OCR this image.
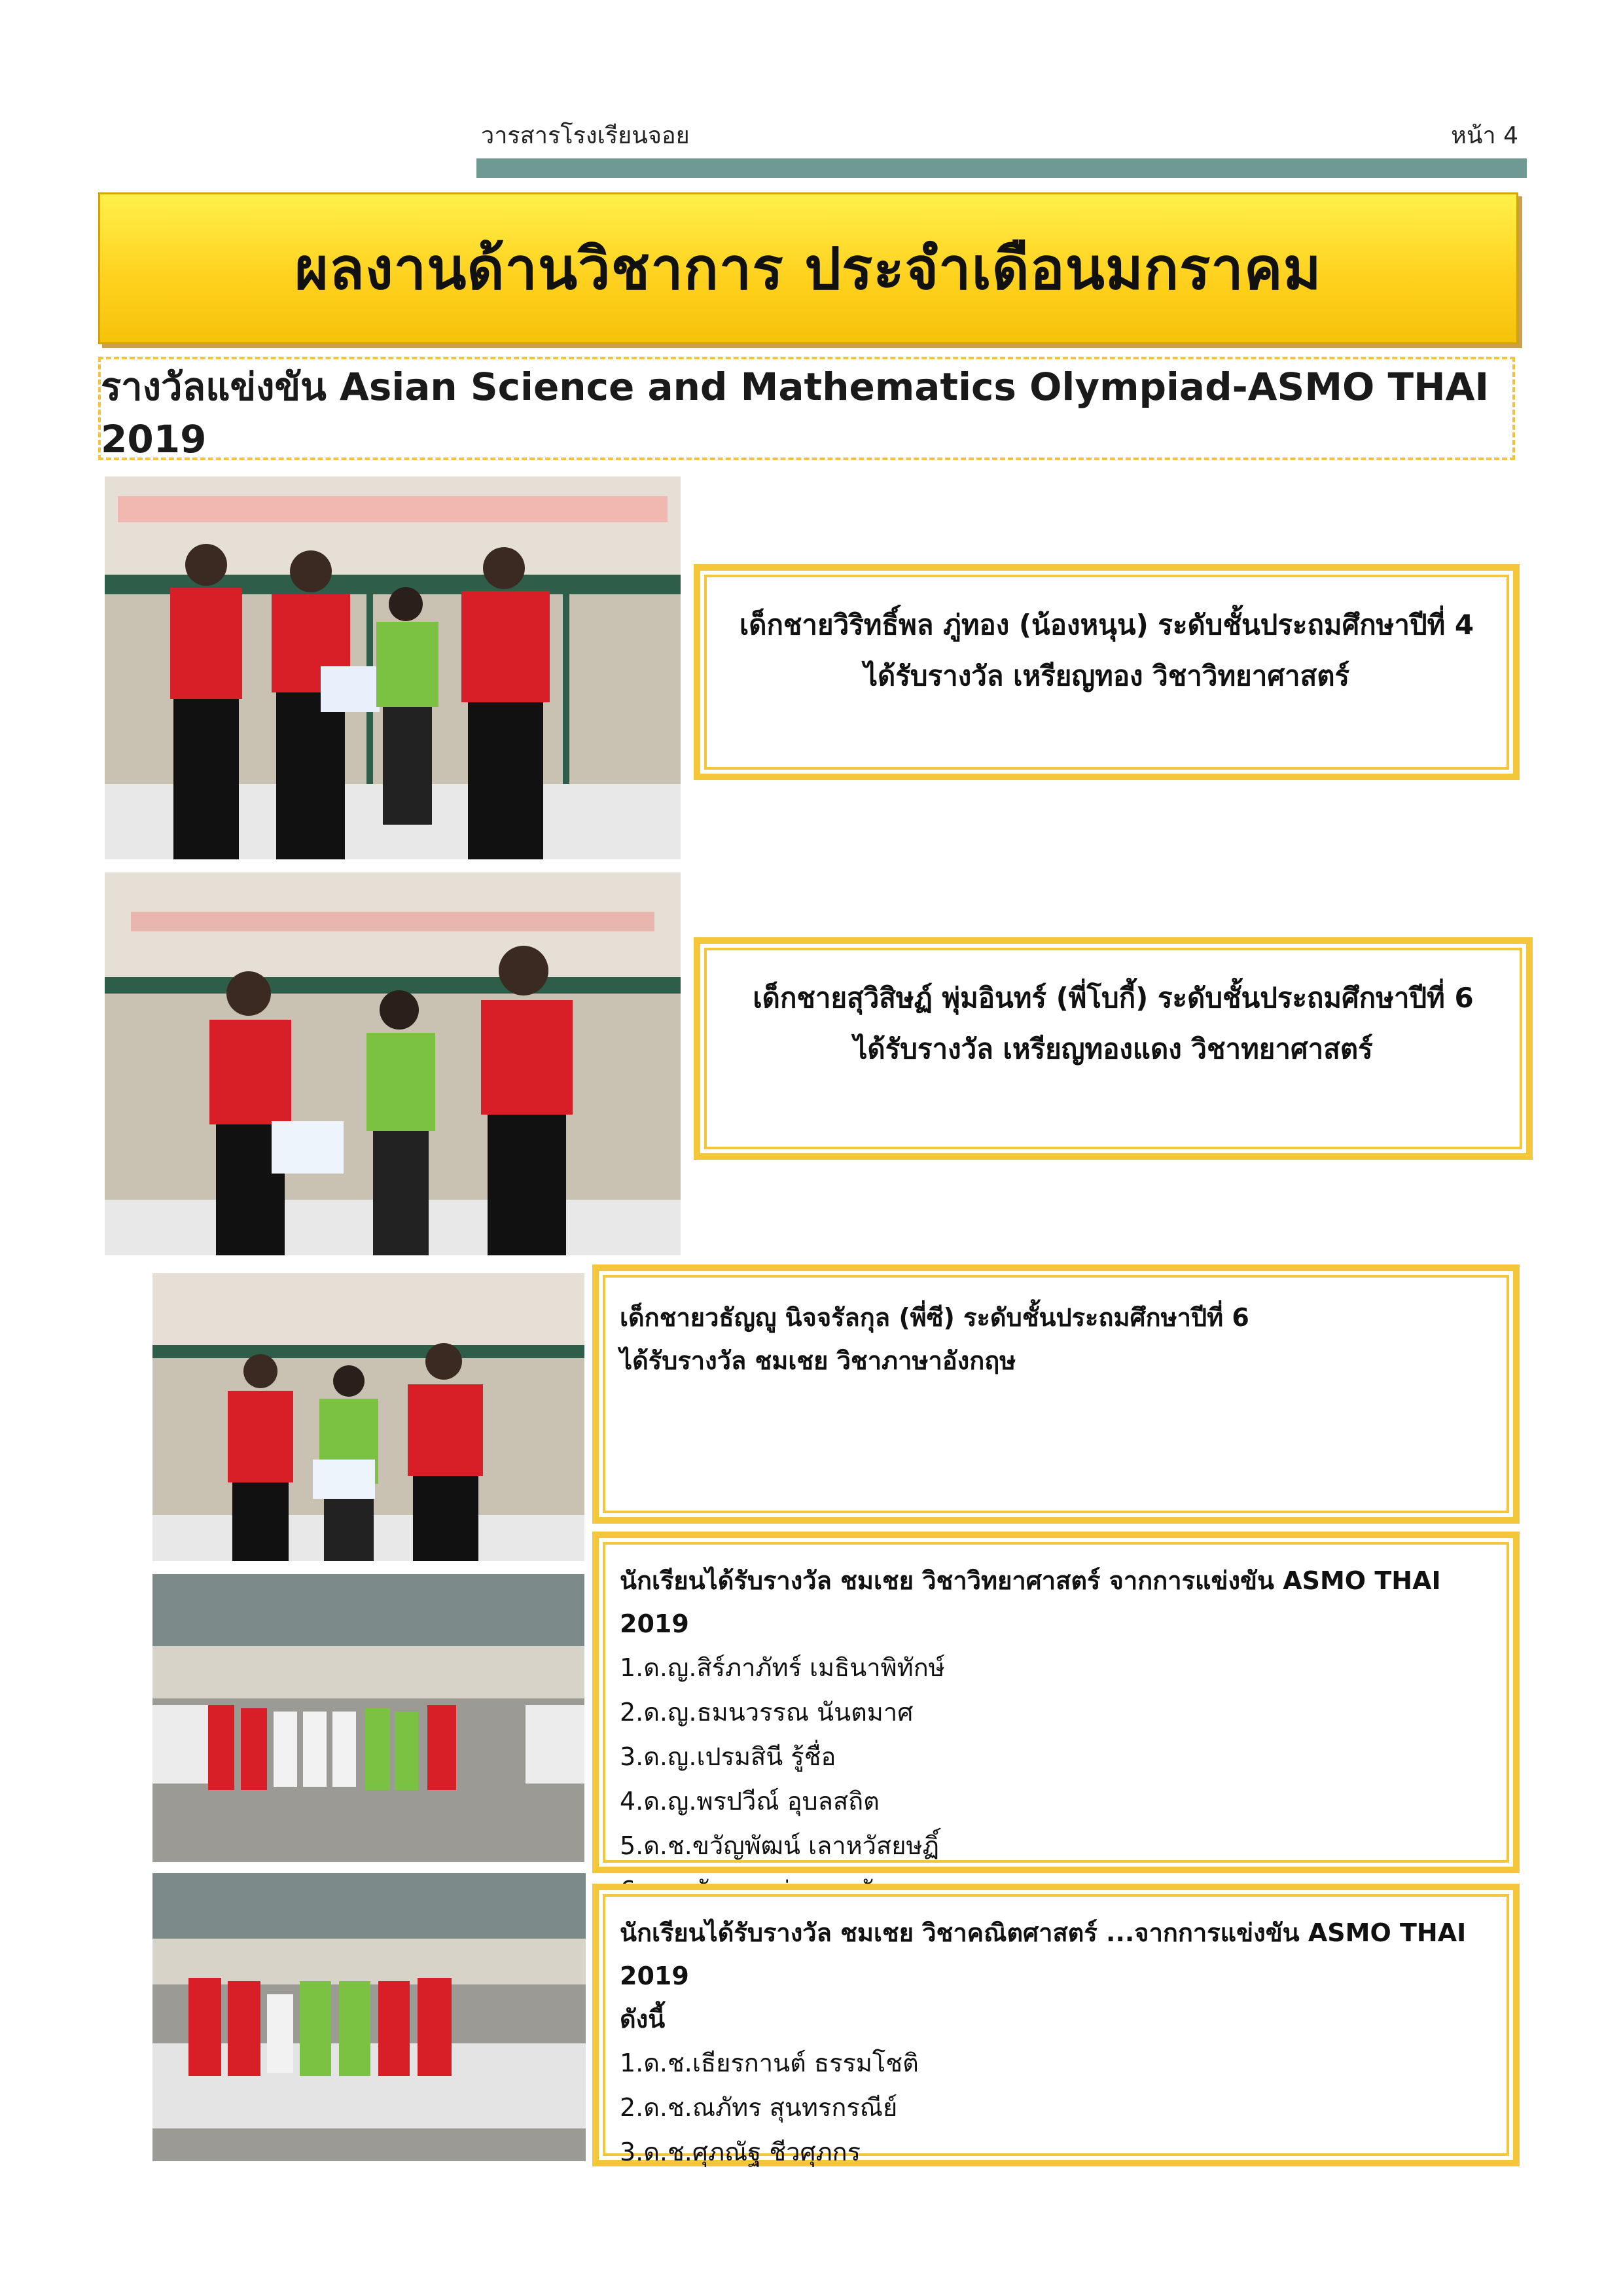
วารสารโรงเรียนจอย	หน้า 4
ผลงานด้านวิชาการ ประจำเดือนมกราคม
รางวัลแข่งขัน Asian Science and Mathematics Olympiad-ASMO THAI 2019
เด็กชายวิริทธิ์พล ภู่ทอง (น้องหนุน) ระดับชั้นประถมศึกษาปีที่ 4
ได้รับรางวัล เหรียญทอง วิชาวิทยาศาสตร์
เด็กชายสุวิสิษฏ์ พุ่มอินทร์ (พี่โบกี้) ระดับชั้นประถมศึกษาปีที่ 6
ได้รับรางวัล เหรียญทองแดง วิชาทยาศาสตร์
เด็กชายวธัญญู นิจจรัลกุล (พี่ซี) ระดับชั้นประถมศึกษาปีที่ 6
ได้รับรางวัล ชมเชย วิชาภาษาอังกฤษ
นักเรียนได้รับรางวัล ชมเชย วิชาวิทยาศาสตร์ จากการแข่งขัน ASMO THAI 2019
1.ด.ญ.สิร์ภาภัทร์ เมธินาพิทักษ์
2.ด.ญ.ธมนวรรณ นันตมาศ
3.ด.ญ.เปรมสินี รู้ชื่อ
4.ด.ญ.พรปวีณ์ อุบลสถิต
5.ด.ช.ขวัญพัฒน์ เลาหวัสยษฏิ์
นักเรียนได้รับรางวัล ชมเชย วิชาคณิตศาสตร์ ...จากการแข่งขัน ASMO THAI 2019
ดังนี้
1.ด.ช.เธียรกานต์ ธรรมโชติ
2.ด.ช.ณภัทร สุนทรกรณีย์
3.ด.ช.ศุภณัฐ ชีวศุภกร
